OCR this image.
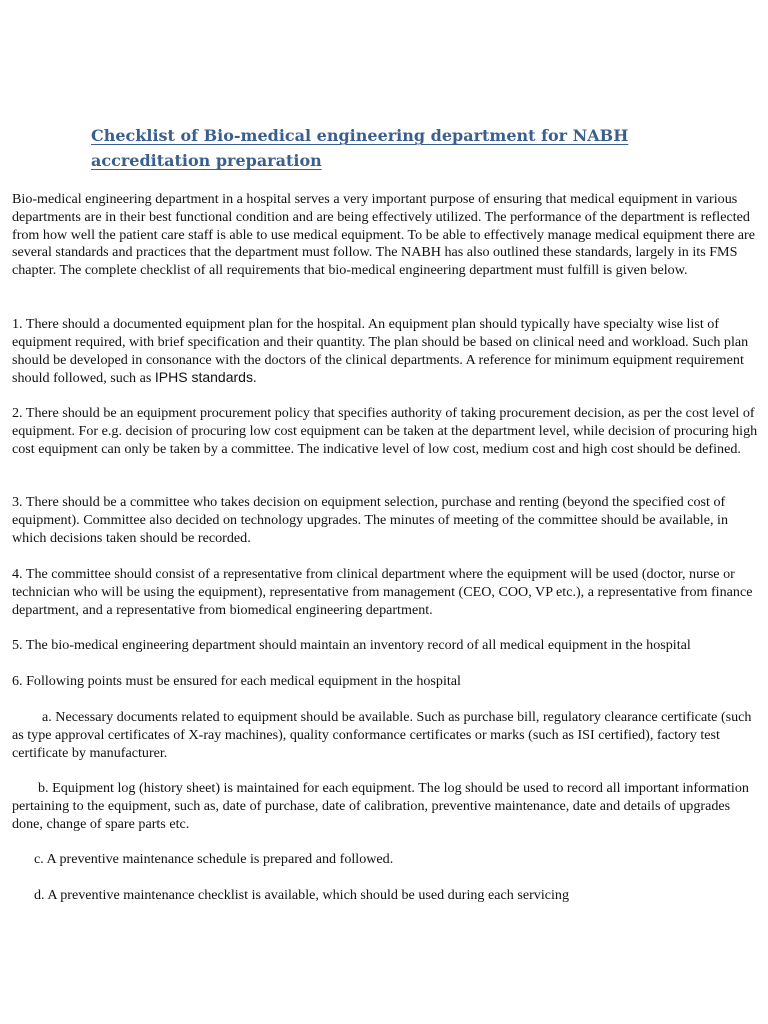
Checklist of Bio-medical engineering department for NABH accreditation preparation

Bio-medical engineering department in a hospital serves a very important purpose of ensuring that medical equipment in various departments are in their best functional condition and are being effectively utilized. The performance of the department is reflected from how well the patient care staff is able to use medical equipment. To be able to effectively manage medical equipment there are several standards and practices that the department must follow. The NABH has also outlined these standards, largely in its FMS chapter. The complete checklist of all requirements that bio-medical engineering department must fulfill is given below.

1. There should a documented equipment plan for the hospital. An equipment plan should typically have specialty wise list of equipment required, with brief specification and their quantity. The plan should be based on clinical need and workload. Such plan should be developed in consonance with the doctors of the clinical departments. A reference for minimum equipment requirement should followed, such as IPHS standards.

2. There should be an equipment procurement policy that specifies authority of taking procurement decision, as per the cost level of equipment. For e.g. decision of procuring low cost equipment can be taken at the department level, while decision of procuring high cost equipment can only be taken by a committee. The indicative level of low cost, medium cost and high cost should be defined.

3. There should be a committee who takes decision on equipment selection, purchase and renting (beyond the specified cost of equipment). Committee also decided on technology upgrades. The minutes of meeting of the committee should be available, in which decisions taken should be recorded.

4. The committee should consist of a representative from clinical department where the equipment will be used (doctor, nurse or technician who will be using the equipment), representative from management (CEO, COO, VP etc.), a representative from finance department, and a representative from biomedical engineering department.

5. The bio-medical engineering department should maintain an inventory record of all medical equipment in the hospital

6. Following points must be ensured for each medical equipment in the hospital

a. Necessary documents related to equipment should be available. Such as purchase bill, regulatory clearance certificate (such as type approval certificates of X-ray machines), quality conformance certificates or marks (such as ISI certified), factory test certificate by manufacturer.

b. Equipment log (history sheet) is maintained for each equipment. The log should be used to record all important information pertaining to the equipment, such as, date of purchase, date of calibration, preventive maintenance, date and details of upgrades done, change of spare parts etc.

c. A preventive maintenance schedule is prepared and followed.

d. A preventive maintenance checklist is available, which should be used during each servicing
